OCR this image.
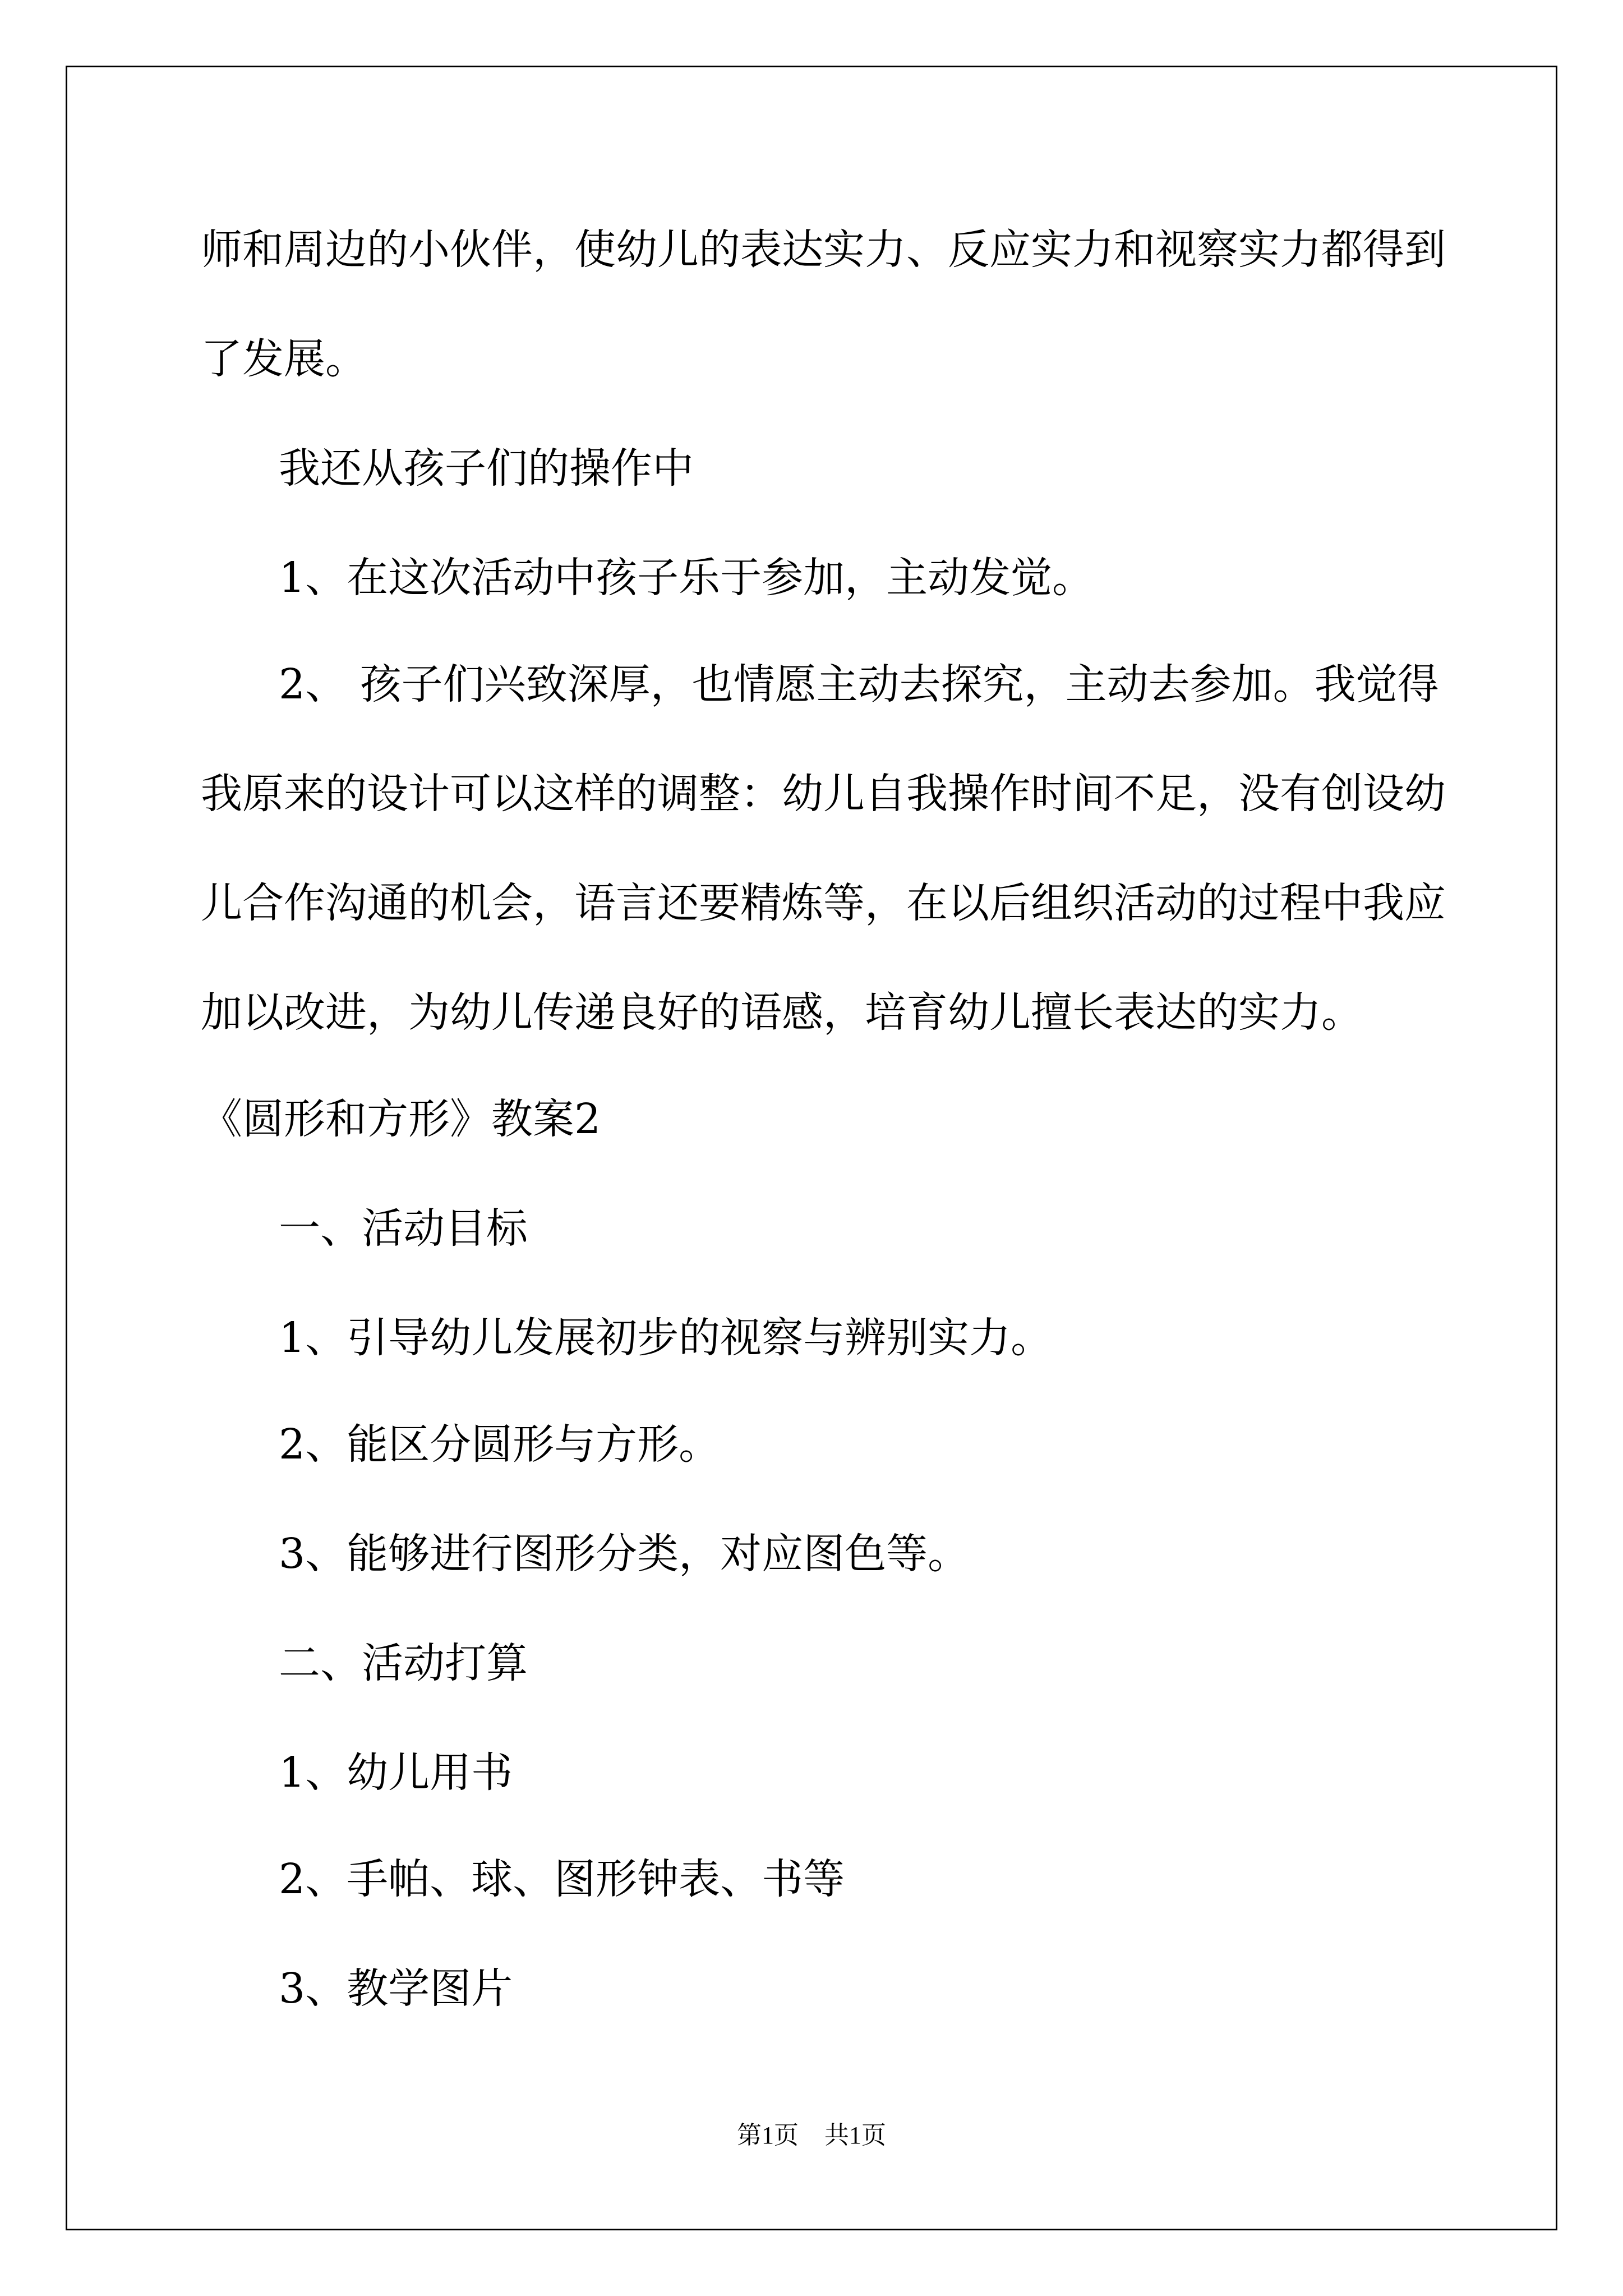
师和周边的小伙伴，使幼儿的表达实力、反应实力和视察实力都得到
了发展。
我还从孩子们的操作中
1、在这次活动中孩子乐于参加，主动发觉。
2、 孩子们兴致深厚，也情愿主动去探究，主动去参加。我觉得
我原来的设计可以这样的调整：幼儿自我操作时间不足，没有创设幼
儿合作沟通的机会，语言还要精炼等，在以后组织活动的过程中我应
加以改进，为幼儿传递良好的语感，培育幼儿擅长表达的实力。
《圆形和方形》教案2
一、活动目标
1、引导幼儿发展初步的视察与辨别实力。
2、能区分圆形与方形。
3、能够进行图形分类，对应图色等。
二、活动打算
1、幼儿用书
2、手帕、球、图形钟表、书等
3、教学图片
第1页 共1页
